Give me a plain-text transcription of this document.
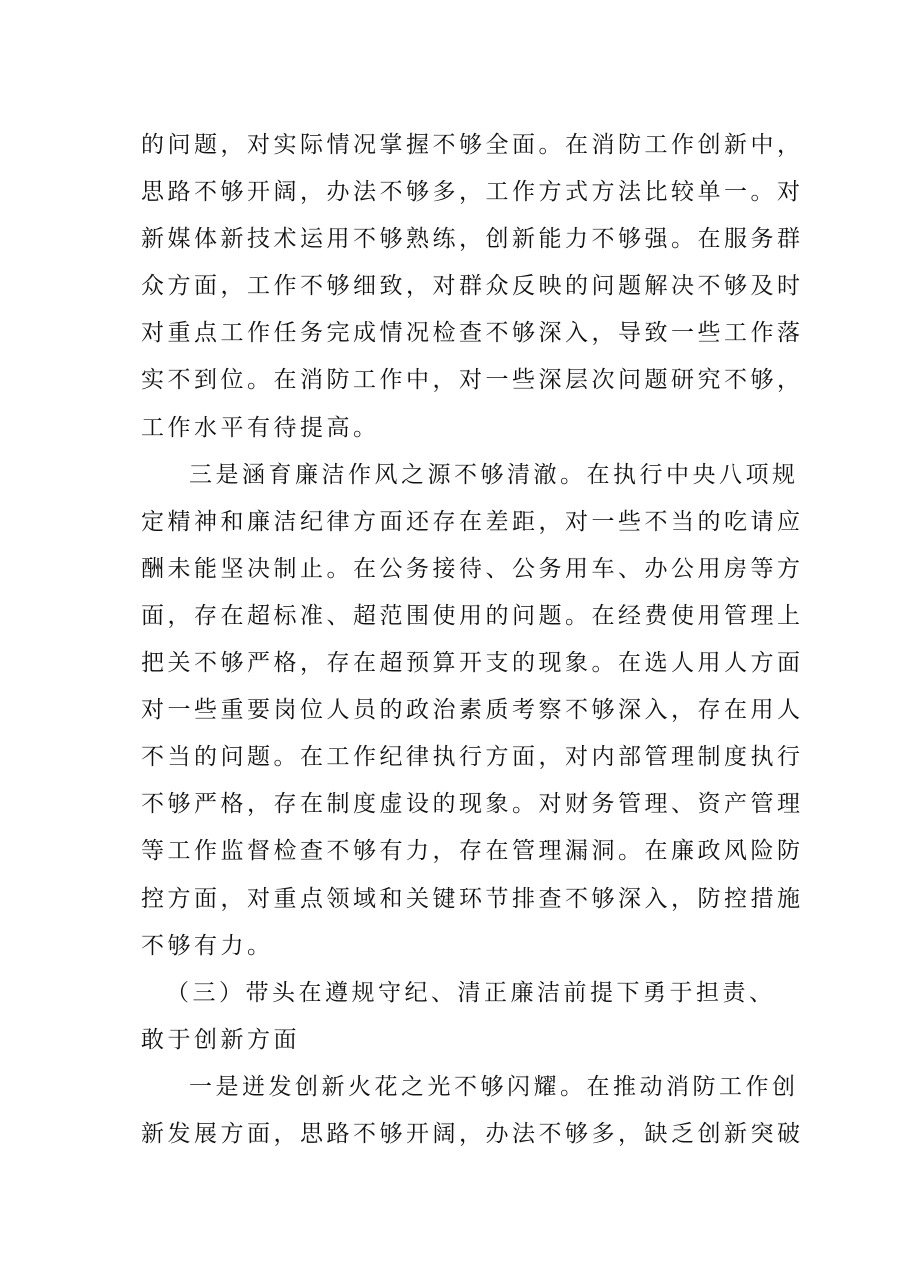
的问题，对实际情况掌握不够全面。在消防工作创新中，
思路不够开阔，办法不够多，工作方式方法比较单一。对
新媒体新技术运用不够熟练，创新能力不够强。在服务群
众方面，工作不够细致，对群众反映的问题解决不够及时
对重点工作任务完成情况检查不够深入，导致一些工作落
实不到位。在消防工作中，对一些深层次问题研究不够，
工作水平有待提高。
三是涵育廉洁作风之源不够清澈。在执行中央八项规
定精神和廉洁纪律方面还存在差距，对一些不当的吃请应
酬未能坚决制止。在公务接待、公务用车、办公用房等方
面，存在超标准、超范围使用的问题。在经费使用管理上
把关不够严格，存在超预算开支的现象。在选人用人方面
对一些重要岗位人员的政治素质考察不够深入，存在用人
不当的问题。在工作纪律执行方面，对内部管理制度执行
不够严格，存在制度虚设的现象。对财务管理、资产管理
等工作监督检查不够有力，存在管理漏洞。在廉政风险防
控方面，对重点领域和关键环节排查不够深入，防控措施
不够有力。
（三）带头在遵规守纪、清正廉洁前提下勇于担责、
敢于创新方面
一是迸发创新火花之光不够闪耀。在推动消防工作创
新发展方面，思路不够开阔，办法不够多，缺乏创新突破
